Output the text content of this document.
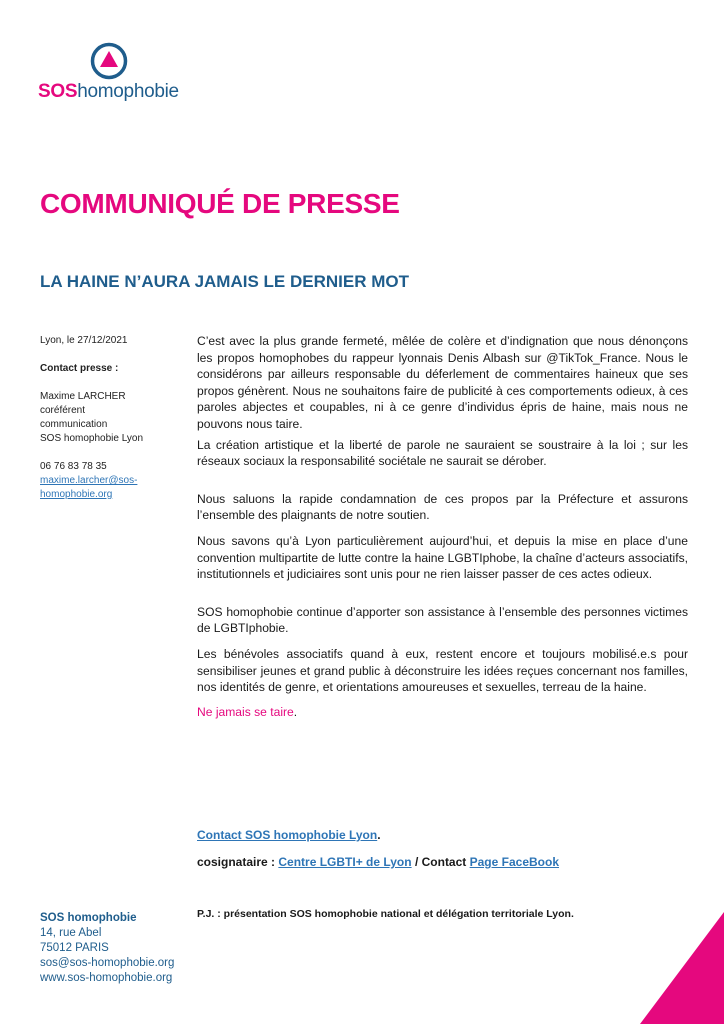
SOShomophobie
COMMUNIQUÉ DE PRESSE
LA HAINE N’AURA JAMAIS LE DERNIER MOT
Lyon, le 27/12/2021
Contact presse :
Maxime LARCHER
coréférent
communication
SOS homophobie Lyon
06 76 83 78 35
maxime.larcher@sos-
homophobie.org

C’est avec la plus grande fermeté, mêlée de colère et d’indignation que nous dénonçons les propos homophobes du rappeur lyonnais Denis Albash sur @TikTok_France. Nous le considérons par ailleurs responsable du déferlement de commentaires haineux que ses propos génèrent. Nous ne souhaitons faire de publicité à ces comportements odieux, à ces paroles abjectes et coupables, ni à ce genre d’individus épris de haine, mais nous ne pouvons nous taire.

La création artistique et la liberté de parole ne sauraient se soustraire à la loi ; sur les réseaux sociaux la responsabilité sociétale ne saurait se dérober.

Nous saluons la rapide condamnation de ces propos par la Préfecture et assurons l’ensemble des plaignants de notre soutien.

Nous savons qu’à Lyon particulièrement aujourd’hui, et depuis la mise en place d’une convention multipartite de lutte contre la haine LGBTIphobe, la chaîne d’acteurs associatifs, institutionnels et judiciaires sont unis pour ne rien laisser passer de ces actes odieux.

SOS homophobie continue d’apporter son assistance à l’ensemble des personnes victimes de LGBTIphobie.

Les bénévoles associatifs quand à eux, restent encore et toujours mobilisé.e.s pour sensibiliser jeunes et grand public à déconstruire les idées reçues concernant nos familles, nos identités de genre, et orientations amoureuses et sexuelles, terreau de la haine.

Ne jamais se taire.

Contact SOS homophobie Lyon.
cosignataire : Centre LGBTI+ de Lyon / Contact Page FaceBook
P.J. : présentation SOS homophobie national et délégation territoriale Lyon.
SOS homophobie
14, rue Abel
75012 PARIS
sos@sos-homophobie.org
www.sos-homophobie.org
